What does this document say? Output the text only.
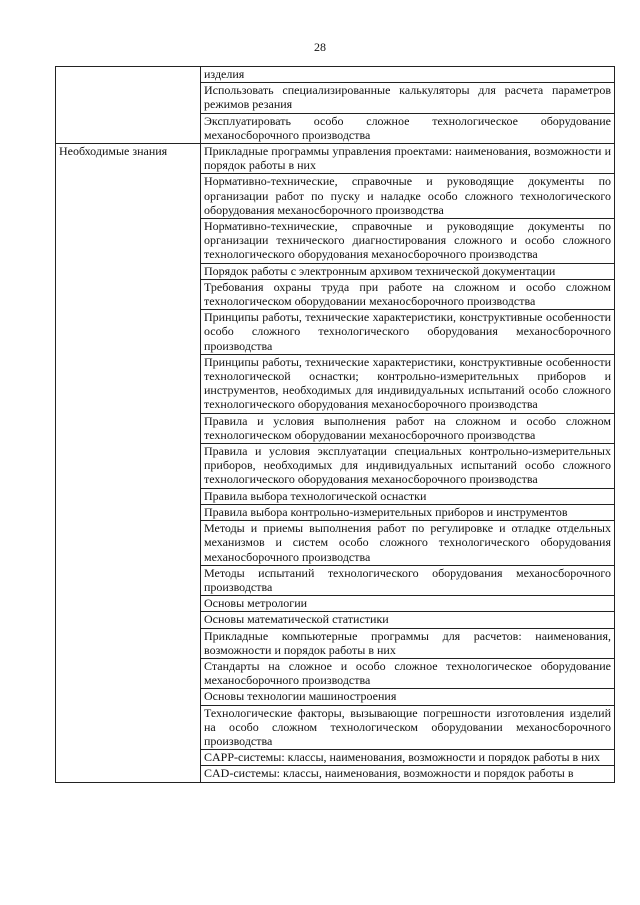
28
	изделия
	Использовать специализированные калькуляторы для расчета параметров режимов резания
	Эксплуатировать особо сложное технологическое оборудование механосборочного производства
Необходимые знания	Прикладные программы управления проектами: наименования, возможности и порядок работы в них
	Нормативно-технические, справочные и руководящие документы по организации работ по пуску и наладке особо сложного технологического оборудования механосборочного производства
	Нормативно-технические, справочные и руководящие документы по организации технического диагностирования сложного и особо сложного технологического оборудования механосборочного производства
	Порядок работы с электронным архивом технической документации
	Требования охраны труда при работе на сложном и особо сложном технологическом оборудовании механосборочного производства
	Принципы работы, технические характеристики, конструктивные особенности особо сложного технологического оборудования механосборочного производства
	Принципы работы, технические характеристики, конструктивные особенности технологической оснастки; контрольно-измерительных приборов и инструментов, необходимых для индивидуальных испытаний особо сложного технологического оборудования механосборочного производства
	Правила и условия выполнения работ на сложном и особо сложном технологическом оборудовании механосборочного производства
	Правила и условия эксплуатации специальных контрольно-измерительных приборов, необходимых для индивидуальных испытаний особо сложного технологического оборудования механосборочного производства
	Правила выбора технологической оснастки
	Правила выбора контрольно-измерительных приборов и инструментов
	Методы и приемы выполнения работ по регулировке и отладке отдельных механизмов и систем особо сложного технологического оборудования механосборочного производства
	Методы испытаний технологического оборудования механосборочного производства
	Основы метрологии
	Основы математической статистики
	Прикладные компьютерные программы для расчетов: наименования, возможности и порядок работы в них
	Стандарты на сложное и особо сложное технологическое оборудование механосборочного производства
	Основы технологии машиностроения
	Технологические факторы, вызывающие погрешности изготовления изделий на особо сложном технологическом оборудовании механосборочного производства
	CAPP-системы: классы, наименования, возможности и порядок работы в них
	CAD-системы: классы, наименования, возможности и порядок работы в
